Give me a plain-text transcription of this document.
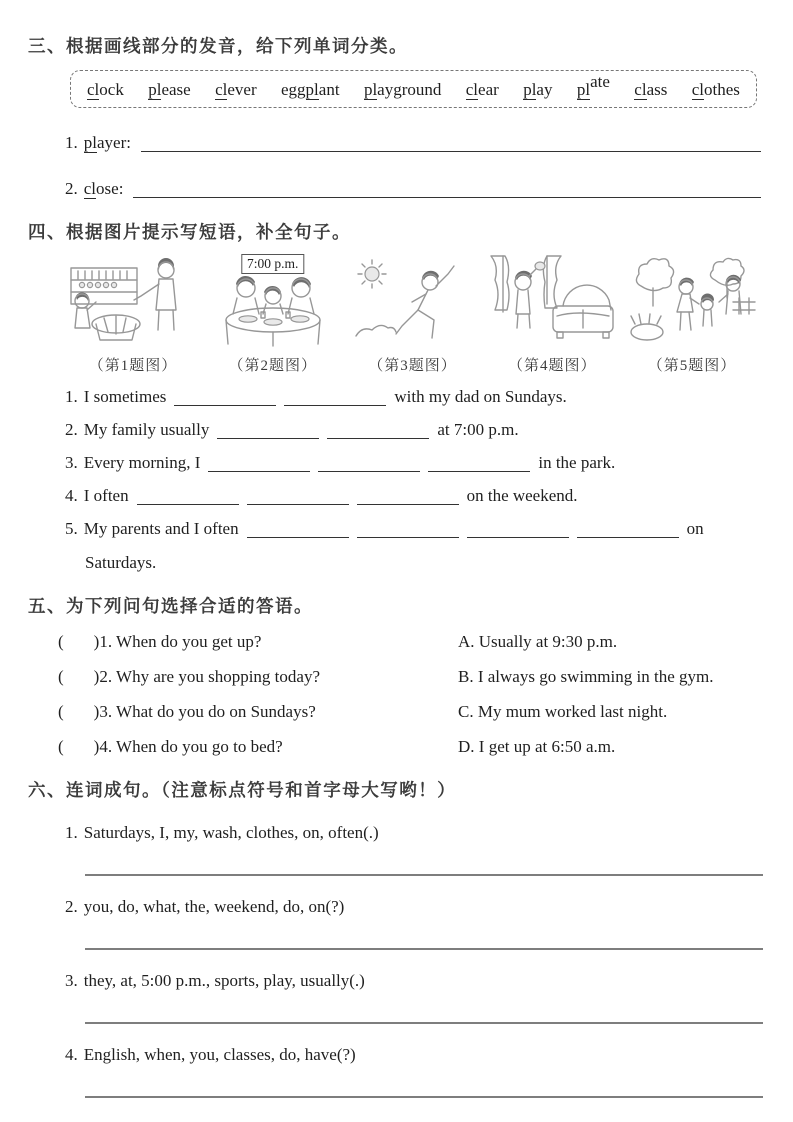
三、根据画线部分的发音，给下列单词分类。
clock please clever eggplant playground clear play plate class clothes
1. player:
2. close:
四、根据图片提示写短语，补全句子。
（第1题图）
7:00 p.m.
（第2题图）	（第3题图）	（第4题图）	（第5题图）
1. I sometimes	with my dad on Sundays.
2. My family usually	at 7:00 p.m.
3. Every morning, I	in the park.
4. I often	on the weekend.
5. My parents and I often	on
Saturdays.
五、为下列问句选择合适的答语。
( ) 1. When do you get up?	A. Usually at 9:30 p.m.
( ) 2. Why are you shopping today?	B. I always go swimming in the gym.
( ) 3. What do you do on Sundays?	C. My mum worked last night.
( ) 4. When do you go to bed?	D. I get up at 6:50 a.m.
六、连词成句。（注意标点符号和首字母大写哟！）
1. Saturdays, I, my, wash, clothes, on, often(.)
2. you, do, what, the, weekend, do, on(?)
3. they, at, 5:00 p.m., sports, play, usually(.)
4. English, when, you, classes, do, have(?)
